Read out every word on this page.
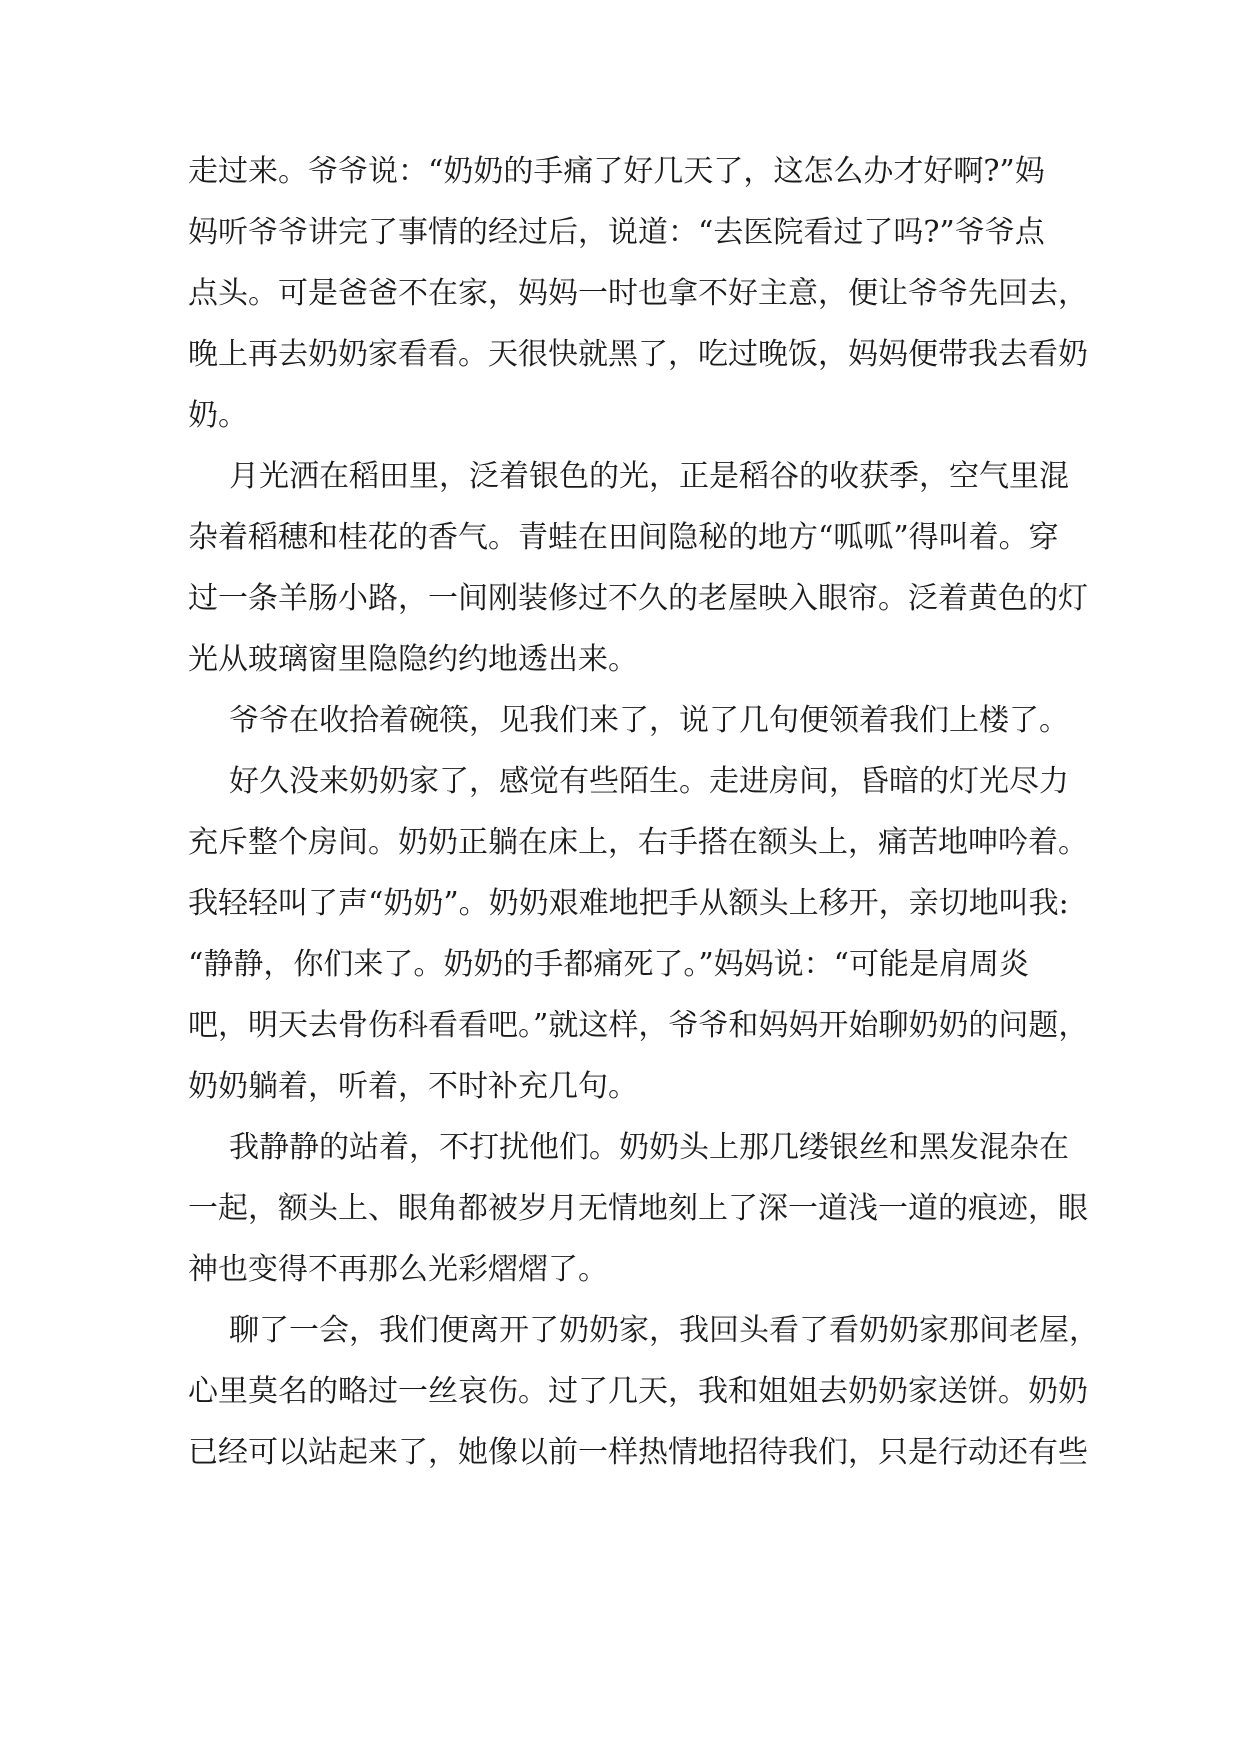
走过来。爷爷说：“奶奶的手痛了好几天了，这怎么办才好啊?”妈
妈听爷爷讲完了事情的经过后，说道：“去医院看过了吗?”爷爷点
点头。可是爸爸不在家，妈妈一时也拿不好主意，便让爷爷先回去，
晚上再去奶奶家看看。天很快就黑了，吃过晚饭，妈妈便带我去看奶
奶。
月光洒在稻田里，泛着银色的光，正是稻谷的收获季，空气里混
杂着稻穗和桂花的香气。青蛙在田间隐秘的地方“呱呱”得叫着。穿
过一条羊肠小路，一间刚装修过不久的老屋映入眼帘。泛着黄色的灯
光从玻璃窗里隐隐约约地透出来。
爷爷在收拾着碗筷，见我们来了，说了几句便领着我们上楼了。
好久没来奶奶家了，感觉有些陌生。走进房间，昏暗的灯光尽力
充斥整个房间。奶奶正躺在床上，右手搭在额头上，痛苦地呻吟着。
我轻轻叫了声“奶奶”。奶奶艰难地把手从额头上移开，亲切地叫我:
“静静，你们来了。奶奶的手都痛死了。”妈妈说：“可能是肩周炎
吧，明天去骨伤科看看吧。”就这样，爷爷和妈妈开始聊奶奶的问题，
奶奶躺着，听着，不时补充几句。
我静静的站着，不打扰他们。奶奶头上那几缕银丝和黑发混杂在
一起，额头上、眼角都被岁月无情地刻上了深一道浅一道的痕迹，眼
神也变得不再那么光彩熠熠了。
聊了一会，我们便离开了奶奶家，我回头看了看奶奶家那间老屋，
心里莫名的略过一丝哀伤。过了几天，我和姐姐去奶奶家送饼。奶奶
已经可以站起来了，她像以前一样热情地招待我们，只是行动还有些
